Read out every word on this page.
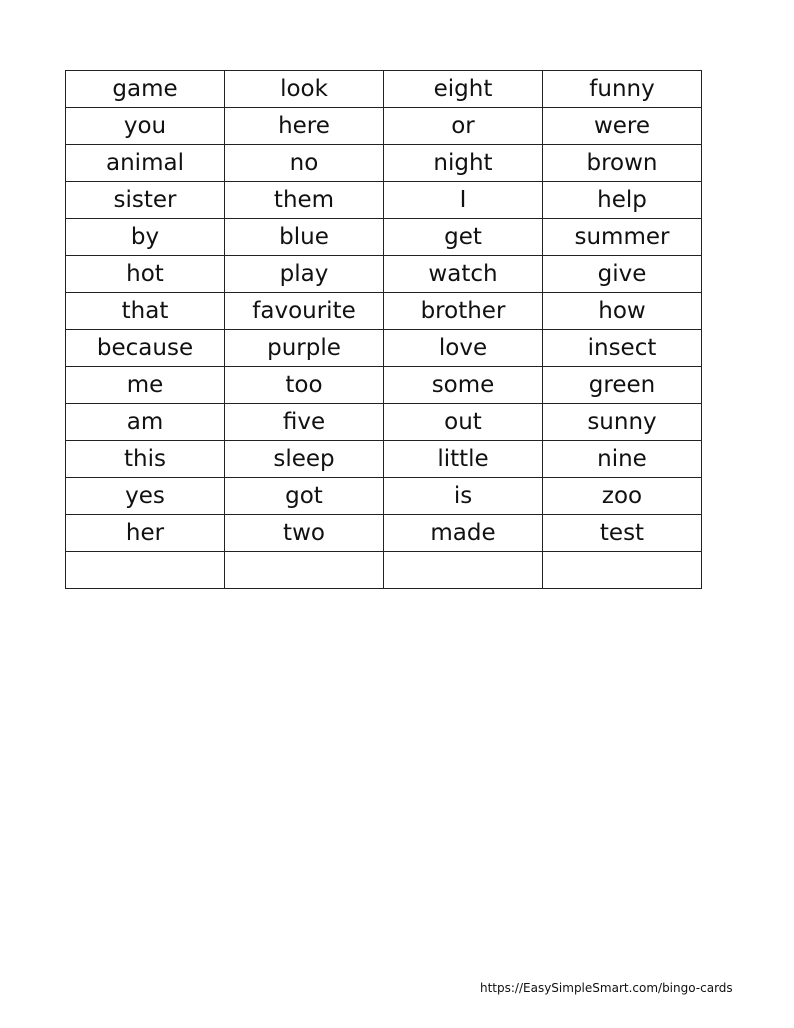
game	look	eight	funny
you	here	or	were
animal	no	night	brown
sister	them	I	help
by	blue	get	summer
hot	play	watch	give
that	favourite	brother	how
because	purple	love	insect
me	too	some	green
am	five	out	sunny
this	sleep	little	nine
yes	got	is	zoo
her	two	made	test

https://EasySimpleSmart.com/bingo-cards
